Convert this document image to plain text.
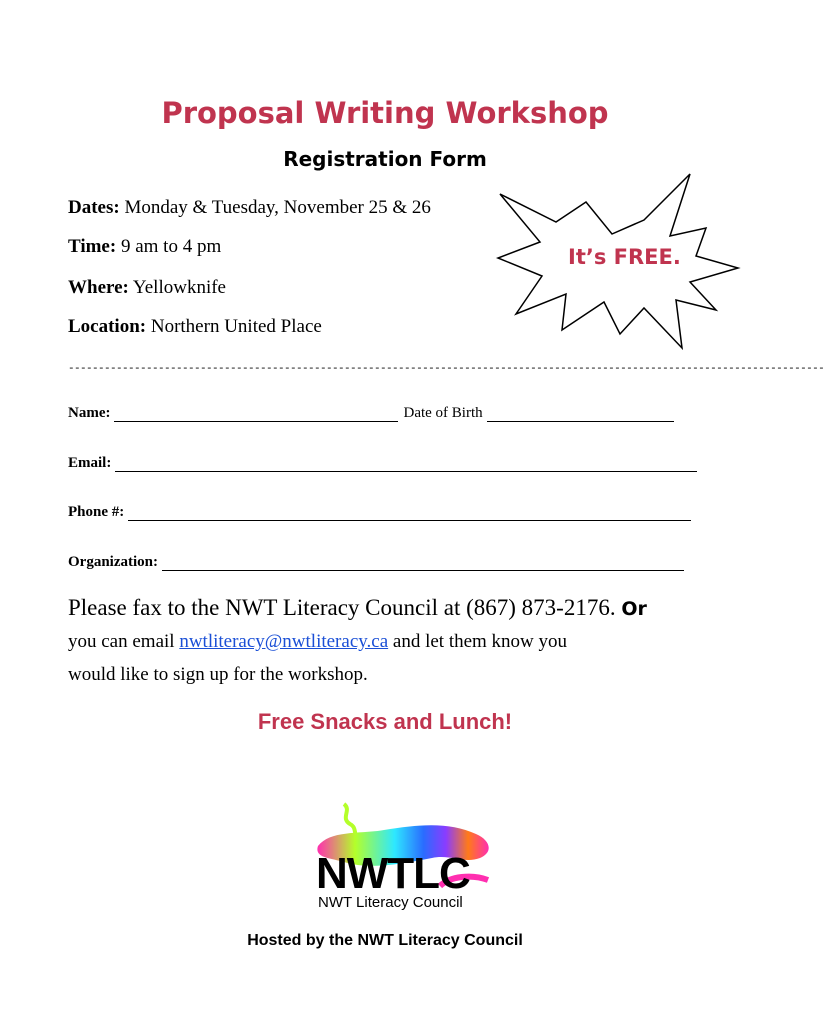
Proposal Writing Workshop
Registration Form
Dates: Monday & Tuesday, November 25 & 26
Time: 9 am to 4 pm
Where: Yellowknife
Location: Northern United Place
It’s FREE.
------------------------------------------------------------------------------------------------------------------------------
Name:	Date of Birth
Email:
Phone #:
Organization:
Please fax to the NWT Literacy Council at (867) 873-2176. Or
you can email nwtliteracy@nwtliteracy.ca and let them know you
would like to sign up for the workshop.
Free Snacks and Lunch!
NWTLC
NWT Literacy Council
Hosted by the NWT Literacy Council
